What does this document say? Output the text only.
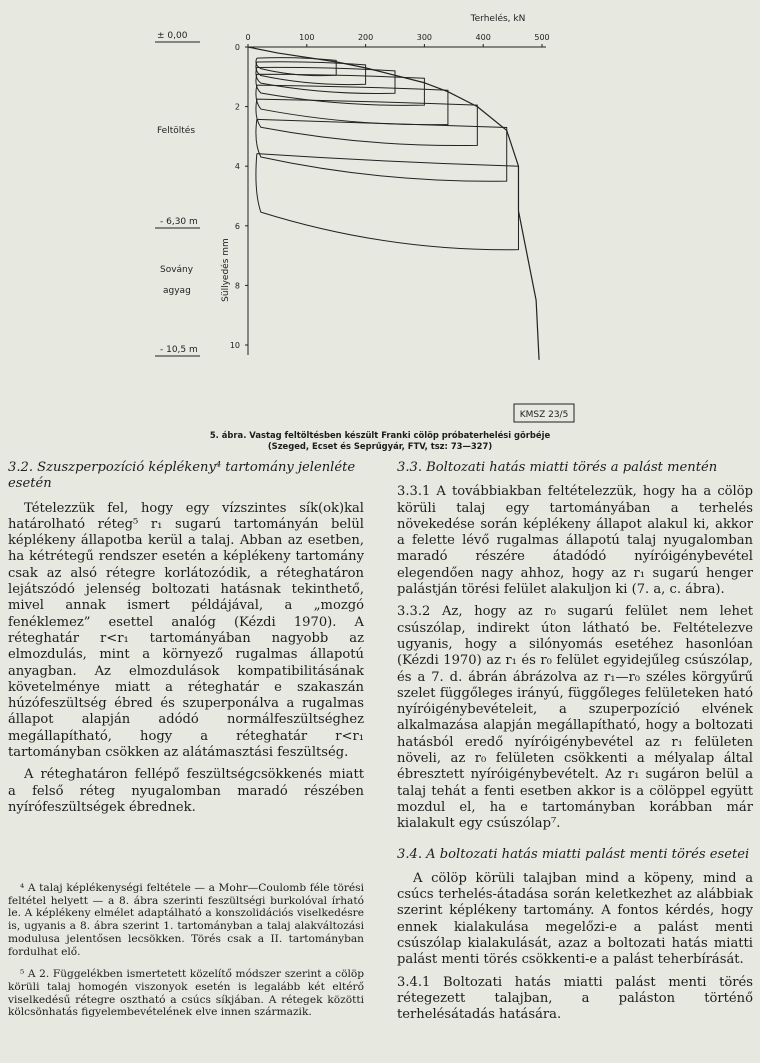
± 0,00
Feltöltés
- 6,30 m
Sovány
agyag
- 10,5 m
0	100	200	300	400	500
0
2
4
6
8
10
Terhelés, kN
Süllyedés mm
KMSZ 23/5
5. ábra. Vastag feltöltésben készült Franki cölöp próbaterhelési görbéje
(Szeged, Ecset és Seprűgyár, FTV, tsz: 73—327)
3.2. Szuszperpozíció képlékeny⁴ tartomány jelenléte esetén

Tételezzük fel, hogy egy vízszintes sík(ok)kal határolható réteg⁵ r₁ sugarú tartományán belül képlékeny állapotba kerül a talaj. Abban az esetben, ha kétrétegű rendszer esetén a képlékeny tartomány csak az alsó rétegre korlátozódik, a réteghatáron lejátszódó jelenség boltozati hatásnak tekinthető, mivel annak ismert példájával, a „mozgó fenéklemez” esettel analóg (Kézdi 1970). A réteghatár r<r₁ tartományában nagyobb az elmozdulás, mint a környező rugalmas állapotú anyagban. Az elmozdulások kompatibilitásának követelménye miatt a réteghatár e szakaszán húzófeszültség ébred és szuperponálva a rugalmas állapot alapján adódó normálfeszültséghez megállapítható, hogy a réteghatár r<r₁ tartományban csökken az alátámasztási feszültség.

A réteghatáron fellépő feszültségcsökkenés miatt a felső réteg nyugalomban maradó részében nyírófeszültségek ébrednek.

⁴ A talaj képlékenységi feltétele — a Mohr—Coulomb féle törési feltétel helyett — a 8. ábra szerinti feszültségi burkolóval írható le. A képlékeny elmélet adaptálható a konszolidációs viselkedésre is, ugyanis a 8. ábra szerint 1. tartományban a talaj alakváltozási modulusa jelentősen lecsökken. Törés csak a II. tartományban fordulhat elő.

⁵ A 2. Függelékben ismertetett közelítő módszer szerint a cölöp körüli talaj homogén viszonyok esetén is legalább két eltérő viselkedésű rétegre osztható a csúcs síkjában. A rétegek közötti kölcsönhatás figyelembevételének elve innen származik.

3.3. Boltozati hatás miatti törés a palást mentén

3.3.1 A továbbiakban feltételezzük, hogy ha a cölöp körüli talaj egy tartományában a terhelés növekedése során képlékeny állapot alakul ki, akkor a felette lévő rugalmas állapotú talaj nyugalomban maradó részére átadódó nyíróigénybevétel elegendően nagy ahhoz, hogy az r₁ sugarú henger palástján törési felület alakuljon ki (7. a, c. ábra).

3.3.2 Az, hogy az r₀ sugarú felület nem lehet csúszólap, indirekt úton látható be. Feltételezve ugyanis, hogy a silónyomás esetéhez hasonlóan (Kézdi 1970) az r₁ és r₀ felület egyidejűleg csúszólap, és a 7. d. ábrán ábrázolva az r₁—r₀ széles körgyűrű szelet függőleges irányú, függőleges felületeken ható nyíróigénybevételeit, a szuperpozíció elvének alkalmazása alapján megállapítható, hogy a boltozati hatásból eredő nyíróigénybevétel az r₁ felületen növeli, az r₀ felületen csökkenti a mélyalap által ébresztett nyíróigénybevételt. Az r₁ sugáron belül a talaj tehát a fenti esetben akkor is a cölöppel együtt mozdul el, ha e tartományban korábban már kialakult egy csúszólap⁷.

3.4. A boltozati hatás miatti palást menti törés esetei

A cölöp körüli talajban mind a köpeny, mind a csúcs terhelés-átadása során keletkezhet az alábbiak szerint képlékeny tartomány. A fontos kérdés, hogy ennek kialakulása megelőzi-e a palást menti csúszólap kialakulását, azaz a boltozati hatás miatti palást menti törés csökkenti-e a palást teherbírását.

3.4.1 Boltozati hatás miatti palást menti törés rétegezett talajban, a paláston történő terhelésátadás hatására.
